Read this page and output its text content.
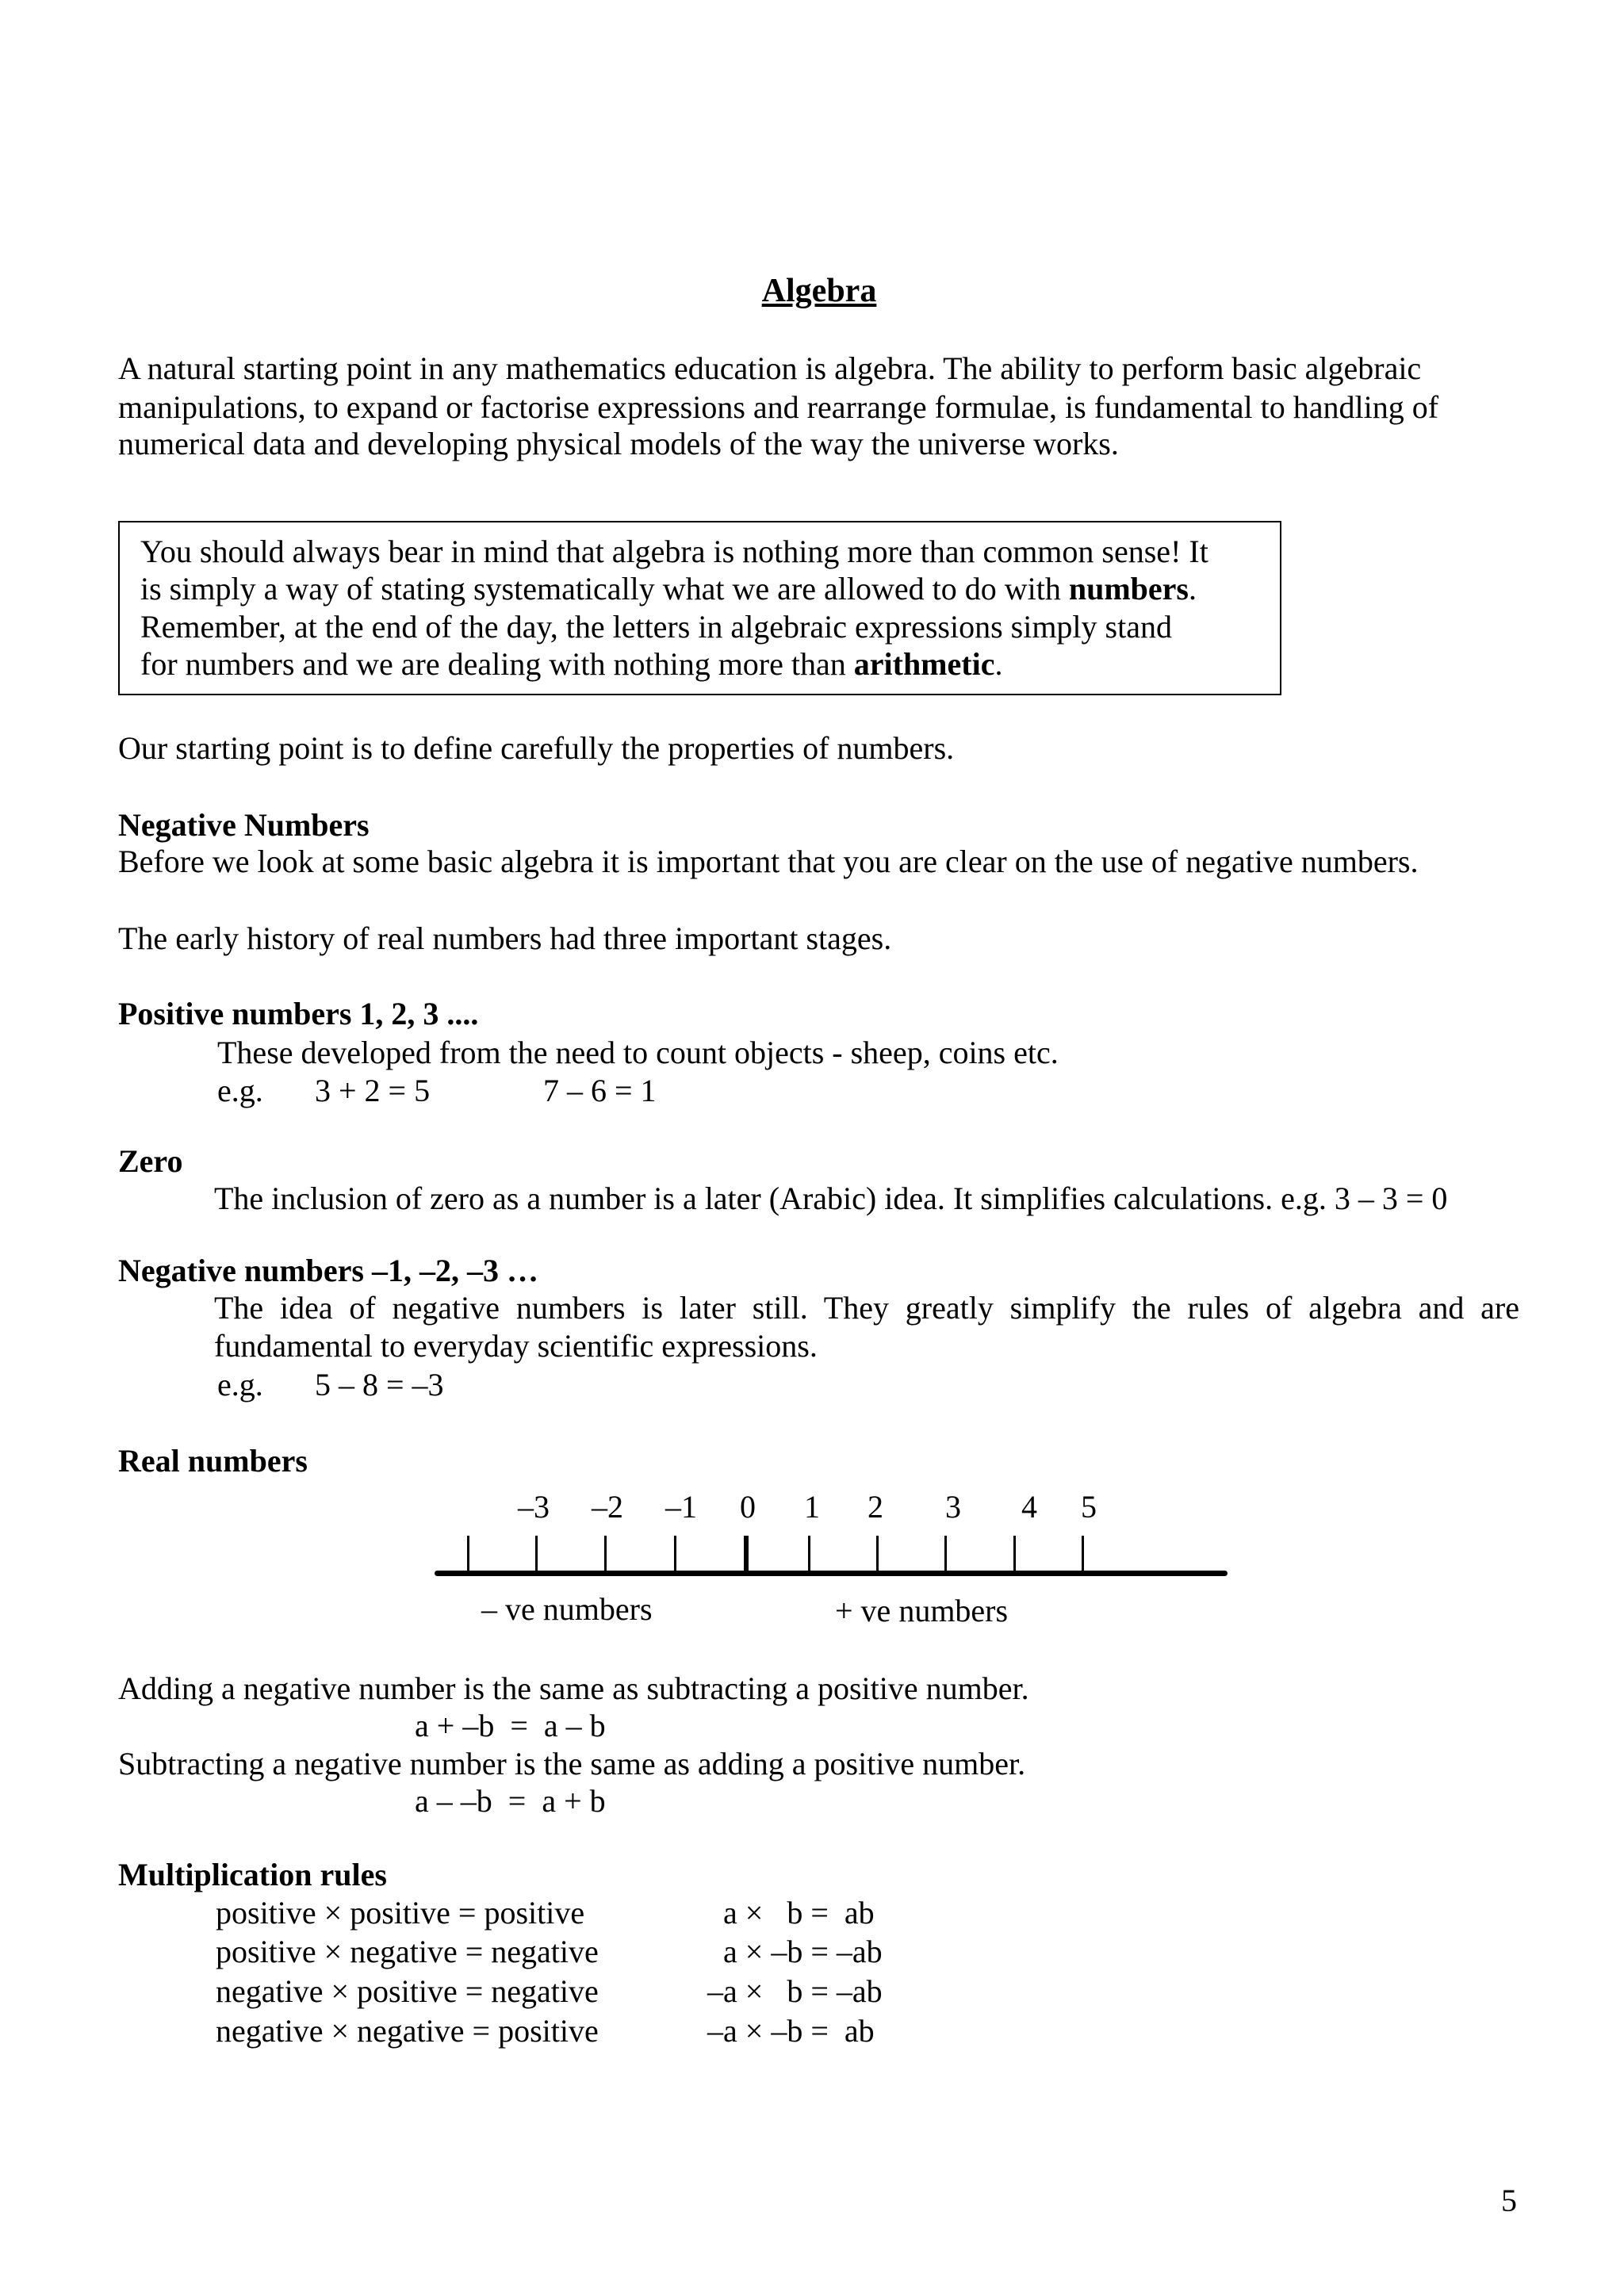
Algebra
A natural starting point in any mathematics education is algebra. The ability to perform basic algebraic
manipulations, to expand or factorise expressions and rearrange formulae, is fundamental to handling of
numerical data and developing physical models of the way the universe works.
You should always bear in mind that algebra is nothing more than common sense! It
is simply a way of stating systematically what we are allowed to do with numbers.
Remember, at the end of the day, the letters in algebraic expressions simply stand
for numbers and we are dealing with nothing more than arithmetic.
Our starting point is to define carefully the properties of numbers.
Negative Numbers
Before we look at some basic algebra it is important that you are clear on the use of negative numbers.
The early history of real numbers had three important stages.
Positive numbers 1, 2, 3 ....
These developed from the need to count objects - sheep, coins etc.
e.g. 3 + 2 = 5	7 – 6 = 1
Zero
The inclusion of zero as a number is a later (Arabic) idea. It simplifies calculations. e.g. 3 – 3 = 0
Negative numbers –1, –2, –3 …
The idea of negative numbers is later still. They greatly simplify the rules of algebra and are
fundamental to everyday scientific expressions.
e.g. 5 – 8 = –3
Real numbers
–3 –2 –1 0 1 2 3 4 5
– ve numbers	+ ve numbers
Adding a negative number is the same as subtracting a positive number.
a + –b  =  a – b
Subtracting a negative number is the same as adding a positive number.
a – –b  =  a + b
Multiplication rules
positive × positive = positive	a ×   b =  ab
positive × negative = negative	a × –b = –ab
negative × positive = negative	–a ×   b = –ab
negative × negative = positive	–a × –b =  ab
5
